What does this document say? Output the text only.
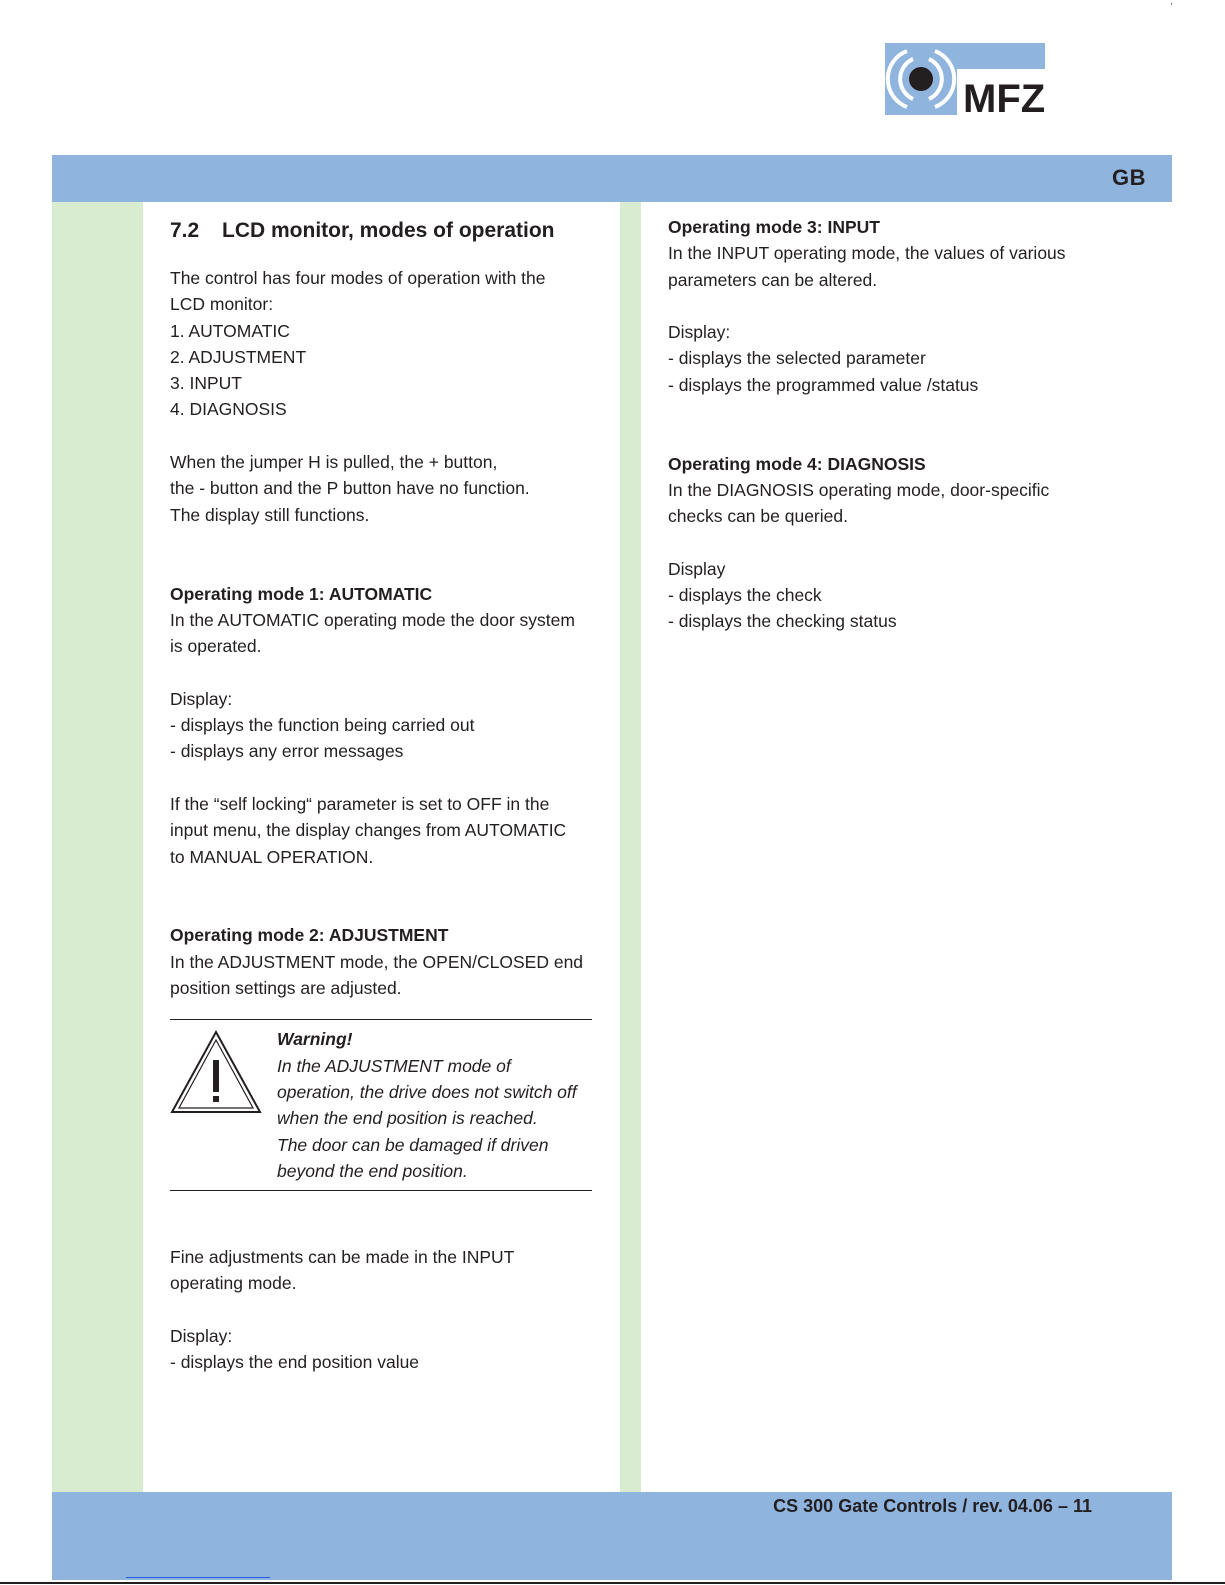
MFZ
,
GB
7.2 LCD monitor, modes of operation

The control has four modes of operation with the

LCD monitor:

1. AUTOMATIC

2. ADJUSTMENT

3. INPUT

4. DIAGNOSIS

When the jumper H is pulled, the + button,

the - button and the P button have no function.

The display still functions.

Operating mode 1: AUTOMATIC

In the AUTOMATIC operating mode the door system

is operated.

Display:

- displays the function being carried out

- displays any error messages

If the “self locking“ parameter is set to OFF in the

input menu, the display changes from AUTOMATIC

to MANUAL OPERATION.

Operating mode 2: ADJUSTMENT

In the ADJUSTMENT mode, the OPEN/CLOSED end

position settings are adjusted.

Warning!

In the ADJUSTMENT mode of

operation, the drive does not switch off

when the end position is reached.

The door can be damaged if driven

beyond the end position.

Fine adjustments can be made in the INPUT

operating mode.

Display:

- displays the end position value

Operating mode 3: INPUT

In the INPUT operating mode, the values of various

parameters can be altered.

Display:

- displays the selected parameter

- displays the programmed value /status

Operating mode 4: DIAGNOSIS

In the DIAGNOSIS operating mode, door-specific

checks can be queried.

Display

- displays the check

- displays the checking status

CS 300 Gate Controls / rev. 04.06 – 11
